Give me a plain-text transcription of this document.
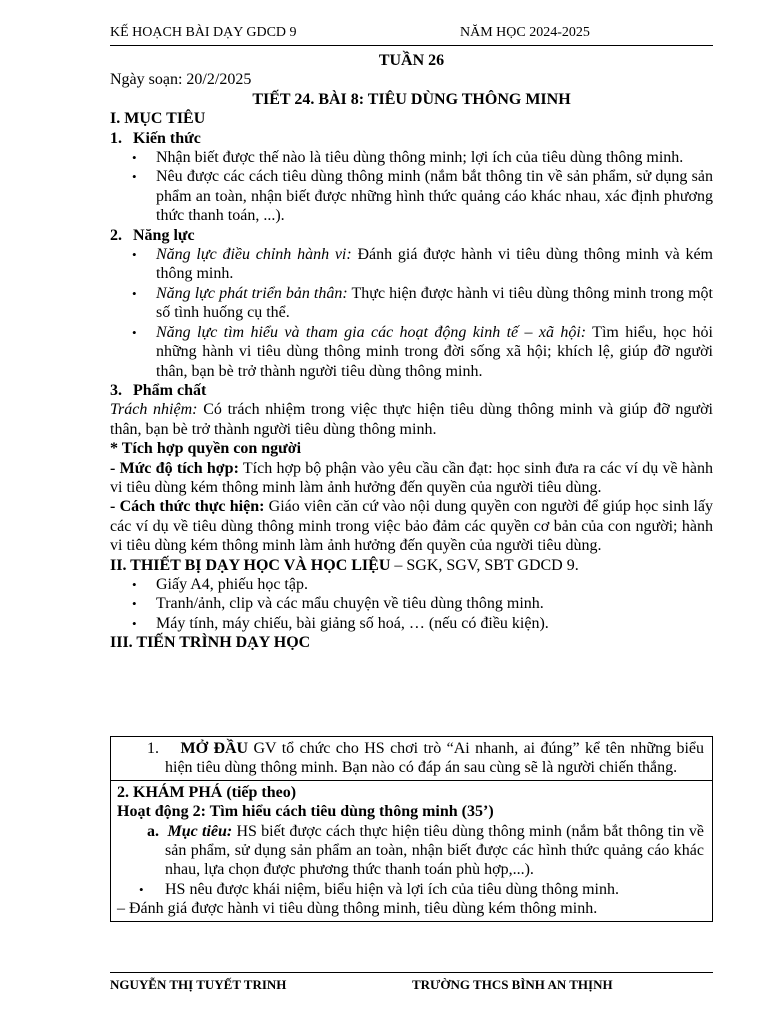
KẾ HOẠCH BÀI DẠY GDCD 9	NĂM HỌC 2024-2025

TUẦN 26

Ngày soạn: 20/2/2025

TIẾT 24. BÀI 8: TIÊU DÙNG THÔNG MINH

I. MỤC TIÊU

1. Kiến thức

• Nhận biết được thế nào là tiêu dùng thông minh; lợi ích của tiêu dùng thông minh.
• Nêu được các cách tiêu dùng thông minh (nắm bắt thông tin về sản phẩm, sử dụng sản phẩm an toàn, nhận biết được những hình thức quảng cáo khác nhau, xác định phương thức thanh toán, ...).

2. Năng lực

• Năng lực điều chỉnh hành vi: Đánh giá được hành vi tiêu dùng thông minh và kém thông minh.
• Năng lực phát triển bản thân: Thực hiện được hành vi tiêu dùng thông minh trong một số tình huống cụ thể.
• Năng lực tìm hiểu và tham gia các hoạt động kinh tế – xã hội: Tìm hiểu, học hỏi những hành vi tiêu dùng thông minh trong đời sống xã hội; khích lệ, giúp đỡ người thân, bạn bè trở thành người tiêu dùng thông minh.

3. Phẩm chất

Trách nhiệm: Có trách nhiệm trong việc thực hiện tiêu dùng thông minh và giúp đỡ người thân, bạn bè trở thành người tiêu dùng thông minh.

* Tích hợp quyền con người

- Mức độ tích hợp: Tích hợp bộ phận vào yêu cầu cần đạt: học sinh đưa ra các ví dụ về hành vi tiêu dùng kém thông minh làm ảnh hưởng đến quyền của người tiêu dùng.

- Cách thức thực hiện: Giáo viên căn cứ vào nội dung quyền con người để giúp học sinh lấy các ví dụ về tiêu dùng thông minh trong việc bảo đảm các quyền cơ bản của con người; hành vi tiêu dùng kém thông minh làm ảnh hưởng đến quyền của người tiêu dùng.

II. THIẾT BỊ DẠY HỌC VÀ HỌC LIỆU – SGK, SGV, SBT GDCD 9.

• Giấy A4, phiếu học tập.
• Tranh/ảnh, clip và các mẩu chuyện về tiêu dùng thông minh.
• Máy tính, máy chiếu, bài giảng số hoá, … (nếu có điều kiện).

III. TIẾN TRÌNH DẠY HỌC

1. MỞ ĐẦU GV tổ chức cho HS chơi trò “Ai nhanh, ai đúng” kể tên những biểu hiện tiêu dùng thông minh. Bạn nào có đáp án sau cùng sẽ là người chiến thắng.

2. KHÁM PHÁ (tiếp theo)

Hoạt động 2: Tìm hiểu cách tiêu dùng thông minh (35’)

a. Mục tiêu: HS biết được cách thực hiện tiêu dùng thông minh (nắm bắt thông tin về sản phẩm, sử dụng sản phẩm an toàn, nhận biết được các hình thức quảng cáo khác nhau, lựa chọn được phương thức thanh toán phù hợp,...).

• HS nêu được khái niệm, biểu hiện và lợi ích của tiêu dùng thông minh.

– Đánh giá được hành vi tiêu dùng thông minh, tiêu dùng kém thông minh.

NGUYỄN THỊ TUYẾT TRINH	TRƯỜNG THCS BÌNH AN THỊNH
